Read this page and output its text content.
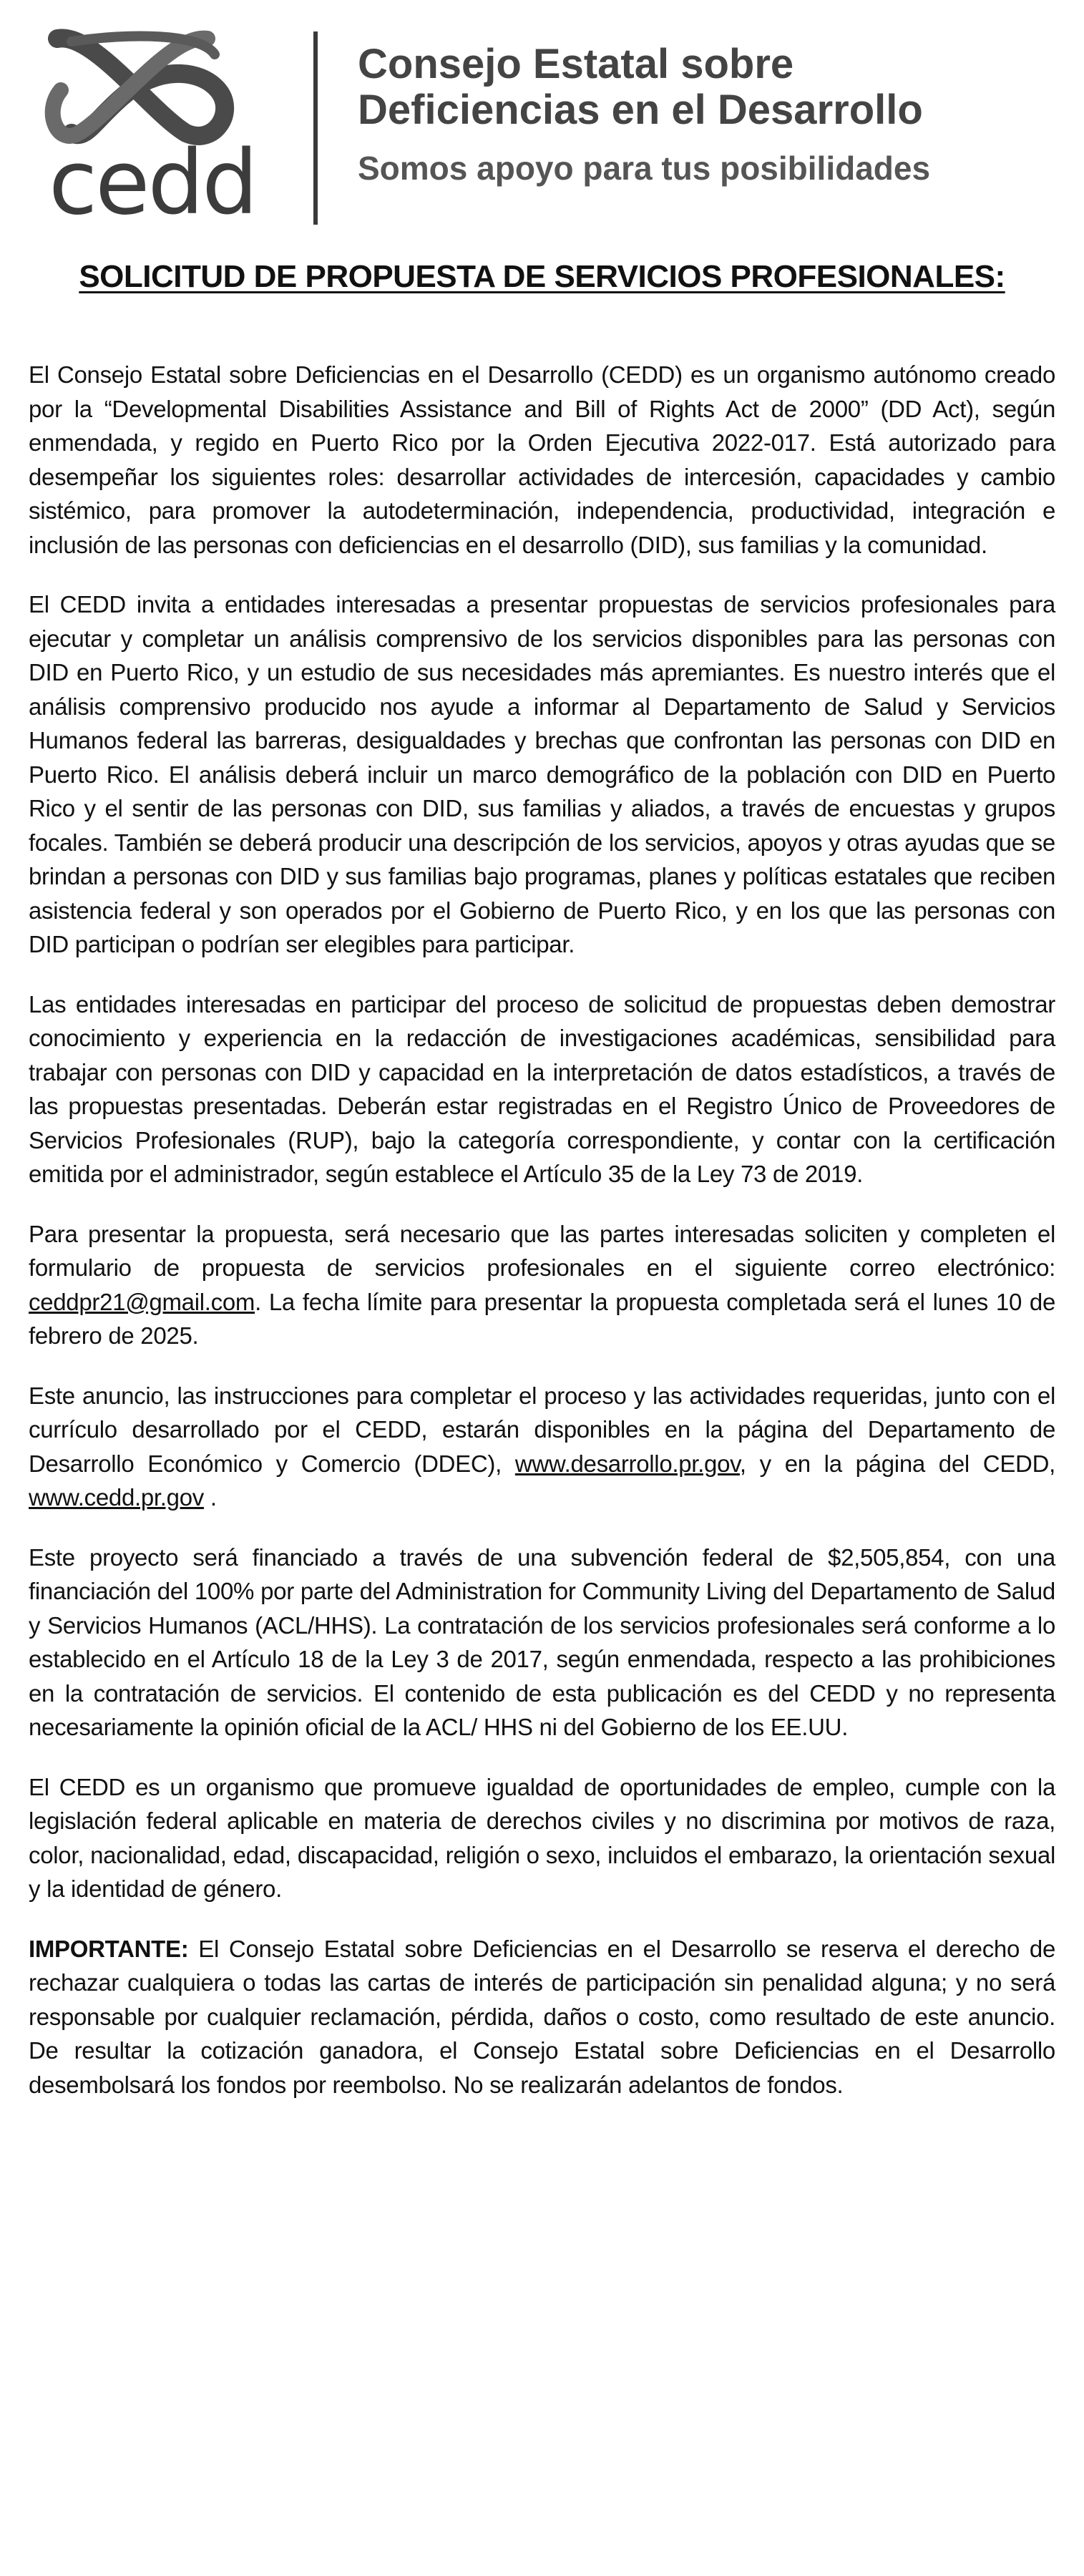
cedd
Consejo Estatal sobre
Deficiencias en el Desarrollo
Somos apoyo para tus posibilidades
SOLICITUD DE PROPUESTA DE SERVICIOS PROFESIONALES:

El Consejo Estatal sobre Deficiencias en el Desarrollo (CEDD) es un organismo autónomo creado por la “Developmental Disabilities Assistance and Bill of Rights Act de 2000” (DD Act), según enmendada, y regido en Puerto Rico por la Orden Ejecutiva 2022-017. Está autorizado para desempeñar los siguientes roles: desarrollar actividades de intercesión, capacidades y cambio sistémico, para promover la autodeterminación, independencia, productividad, integración e inclusión de las personas con deficiencias en el desarrollo (DID), sus familias y la comunidad.

El CEDD invita a entidades interesadas a presentar propuestas de servicios profesionales para ejecutar y completar un análisis comprensivo de los servicios disponibles para las personas con DID en Puerto Rico, y un estudio de sus necesidades más apremiantes. Es nuestro interés que el análisis comprensivo producido nos ayude a informar al Departamento de Salud y Servicios Humanos federal las barreras, desigualdades y brechas que confrontan las personas con DID en Puerto Rico. El análisis deberá incluir un marco demográfico de la población con DID en Puerto Rico y el sentir de las personas con DID, sus familias y aliados, a través de encuestas y grupos focales. También se deberá producir una descripción de los servicios, apoyos y otras ayudas que se brindan a personas con DID y sus familias bajo programas, planes y políticas estatales que reciben asistencia federal y son operados por el Gobierno de Puerto Rico, y en los que las personas con DID participan o podrían ser elegibles para participar.

Las entidades interesadas en participar del proceso de solicitud de propuestas deben demostrar conocimiento y experiencia en la redacción de investigaciones académicas, sensibilidad para trabajar con personas con DID y capacidad en la interpretación de datos estadísticos, a través de las propuestas presentadas. Deberán estar registradas en el Registro Único de Proveedores de Servicios Profesionales (RUP), bajo la categoría correspondiente, y contar con la certificación emitida por el administrador, según establece el Artículo 35 de la Ley 73 de 2019.

Para presentar la propuesta, será necesario que las partes interesadas soliciten y completen el formulario de propuesta de servicios profesionales en el siguiente correo electrónico: ceddpr21@gmail.com. La fecha límite para presentar la propuesta completada será el lunes 10 de febrero de 2025.

Este anuncio, las instrucciones para completar el proceso y las actividades requeridas, junto con el currículo desarrollado por el CEDD, estarán disponibles en la página del Departamento de Desarrollo Económico y Comercio (DDEC), www.desarrollo.pr.gov, y en la página del CEDD, www.cedd.pr.gov .

Este proyecto será financiado a través de una subvención federal de $2,505,854, con una financiación del 100% por parte del Administration for Community Living del Departamento de Salud y Servicios Humanos (ACL/HHS). La contratación de los servicios profesionales será conforme a lo establecido en el Artículo 18 de la Ley 3 de 2017, según enmendada, respecto a las prohibiciones en la contratación de servicios. El contenido de esta publicación es del CEDD y no representa necesariamente la opinión oficial de la ACL/ HHS ni del Gobierno de los EE.UU.

El CEDD es un organismo que promueve igualdad de oportunidades de empleo, cumple con la legislación federal aplicable en materia de derechos civiles y no discrimina por motivos de raza, color, nacionalidad, edad, discapacidad, religión o sexo, incluidos el embarazo, la orientación sexual y la identidad de género.

IMPORTANTE: El Consejo Estatal sobre Deficiencias en el Desarrollo se reserva el derecho de rechazar cualquiera o todas las cartas de interés de participación sin penalidad alguna; y no será responsable por cualquier reclamación, pérdida, daños o costo, como resultado de este anuncio. De resultar la cotización ganadora, el Consejo Estatal sobre Deficiencias en el Desarrollo desembolsará los fondos por reembolso. No se realizarán adelantos de fondos.
